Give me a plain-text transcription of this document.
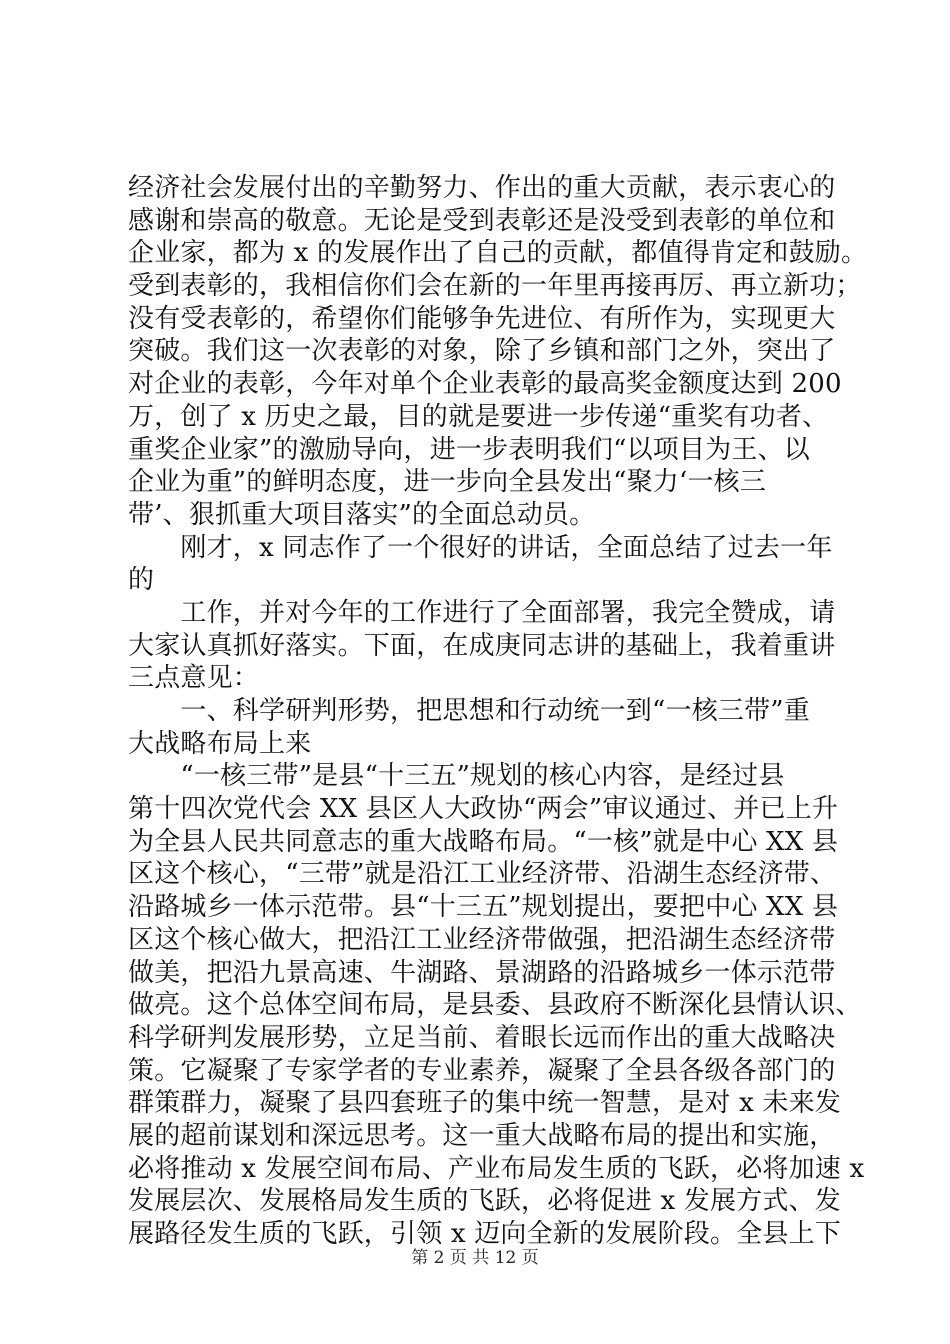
经济社会发展付出的辛勤努力、作出的重大贡献，表示衷心的
感谢和崇高的敬意。无论是受到表彰还是没受到表彰的单位和
企业家，都为 x 的发展作出了自己的贡献，都值得肯定和鼓励。
受到表彰的，我相信你们会在新的一年里再接再厉、再立新功；
没有受表彰的，希望你们能够争先进位、有所作为，实现更大
突破。我们这一次表彰的对象，除了乡镇和部门之外，突出了
对企业的表彰，今年对单个企业表彰的最高奖金额度达到 200
万，创了 x 历史之最，目的就是要进一步传递“重奖有功者、
重奖企业家”的激励导向，进一步表明我们“以项目为王、以
企业为重”的鲜明态度，进一步向全县发出“聚力‘一核三
带’、狠抓重大项目落实”的全面总动员。
　　刚才，x 同志作了一个很好的讲话，全面总结了过去一年
的
　　工作，并对今年的工作进行了全面部署，我完全赞成，请
大家认真抓好落实。下面，在成庚同志讲的基础上，我着重讲
三点意见：
　　一、科学研判形势，把思想和行动统一到“一核三带”重
大战略布局上来
　　“一核三带”是县“十三五”规划的核心内容，是经过县
第十四次党代会 XX 县区人大政协“两会”审议通过、并已上升
为全县人民共同意志的重大战略布局。“一核”就是中心 XX 县
区这个核心，“三带”就是沿江工业经济带、沿湖生态经济带、
沿路城乡一体示范带。县“十三五”规划提出，要把中心 XX 县
区这个核心做大，把沿江工业经济带做强，把沿湖生态经济带
做美，把沿九景高速、牛湖路、景湖路的沿路城乡一体示范带
做亮。这个总体空间布局，是县委、县政府不断深化县情认识、
科学研判发展形势，立足当前、着眼长远而作出的重大战略决
策。它凝聚了专家学者的专业素养，凝聚了全县各级各部门的
群策群力，凝聚了县四套班子的集中统一智慧，是对 x 未来发
展的超前谋划和深远思考。这一重大战略布局的提出和实施，
必将推动 x 发展空间布局、产业布局发生质的飞跃，必将加速 x
发展层次、发展格局发生质的飞跃，必将促进 x 发展方式、发
展路径发生质的飞跃，引领 x 迈向全新的发展阶段。全县上下
第 2 页 共 12 页
